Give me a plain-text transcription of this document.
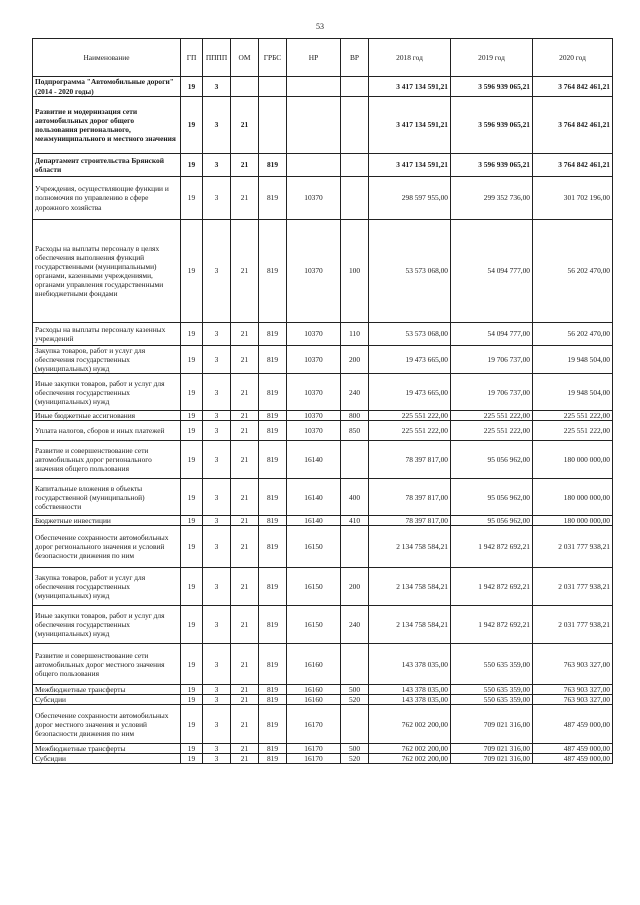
53
Наименование	ГП	ПППП	ОМ	ГРБС	НР	ВР	2018 год	2019 год	2020 год
Подпрограмма "Автомобильные дороги" (2014 - 2020 годы)	19	3					3 417 134 591,21	3 596 939 065,21	3 764 842 461,21
Развитие и модернизация сети автомобильных дорог общего пользования регионального, межмуниципального и местного значения	19	3	21				3 417 134 591,21	3 596 939 065,21	3 764 842 461,21
Департамент строительства Брянской области	19	3	21	819			3 417 134 591,21	3 596 939 065,21	3 764 842 461,21
Учреждения, осуществляющие функции и полномочия по управлению в сфере дорожного хозяйства	19	3	21	819	10370		298 597 955,00	299 352 736,00	301 702 196,00
Расходы на выплаты персоналу в целях обеспечения выполнения функций государственными (муниципальными) органами, казенными учреждениями, органами управления государственными внебюджетными фондами	19	3	21	819	10370	100	53 573 068,00	54 094 777,00	56 202 470,00
Расходы на выплаты персоналу казенных учреждений	19	3	21	819	10370	110	53 573 068,00	54 094 777,00	56 202 470,00
Закупка товаров, работ и услуг для обеспечения государственных (муниципальных) нужд	19	3	21	819	10370	200	19 473 665,00	19 706 737,00	19 948 504,00
Иные закупки товаров, работ и услуг для обеспечения государственных (муниципальных) нужд	19	3	21	819	10370	240	19 473 665,00	19 706 737,00	19 948 504,00
Иные бюджетные ассигнования	19	3	21	819	10370	800	225 551 222,00	225 551 222,00	225 551 222,00
Уплата налогов, сборов и иных платежей	19	3	21	819	10370	850	225 551 222,00	225 551 222,00	225 551 222,00
Развитие и совершенствование сети автомобильных дорог регионального значения общего пользования	19	3	21	819	16140		78 397 817,00	95 056 962,00	180 000 000,00
Капитальные вложения в объекты государственной (муниципальной) собственности	19	3	21	819	16140	400	78 397 817,00	95 056 962,00	180 000 000,00
Бюджетные инвестиции	19	3	21	819	16140	410	78 397 817,00	95 056 962,00	180 000 000,00
Обеспечение сохранности автомобильных дорог регионального значения и условий безопасности движения по ним	19	3	21	819	16150		2 134 758 584,21	1 942 872 692,21	2 031 777 938,21
Закупка товаров, работ и услуг для обеспечения государственных (муниципальных) нужд	19	3	21	819	16150	200	2 134 758 584,21	1 942 872 692,21	2 031 777 938,21
Иные закупки товаров, работ и услуг для обеспечения государственных (муниципальных) нужд	19	3	21	819	16150	240	2 134 758 584,21	1 942 872 692,21	2 031 777 938,21
Развитие и совершенствование сети автомобильных дорог местного значения общего пользования	19	3	21	819	16160		143 378 035,00	550 635 359,00	763 903 327,00
Межбюджетные трансферты	19	3	21	819	16160	500	143 378 035,00	550 635 359,00	763 903 327,00
Субсидии	19	3	21	819	16160	520	143 378 035,00	550 635 359,00	763 903 327,00
Обеспечение сохранности автомобильных дорог местного значения и условий безопасности движения по ним	19	3	21	819	16170		762 002 200,00	709 021 316,00	487 459 000,00
Межбюджетные трансферты	19	3	21	819	16170	500	762 002 200,00	709 021 316,00	487 459 000,00
Субсидии	19	3	21	819	16170	520	762 002 200,00	709 021 316,00	487 459 000,00
